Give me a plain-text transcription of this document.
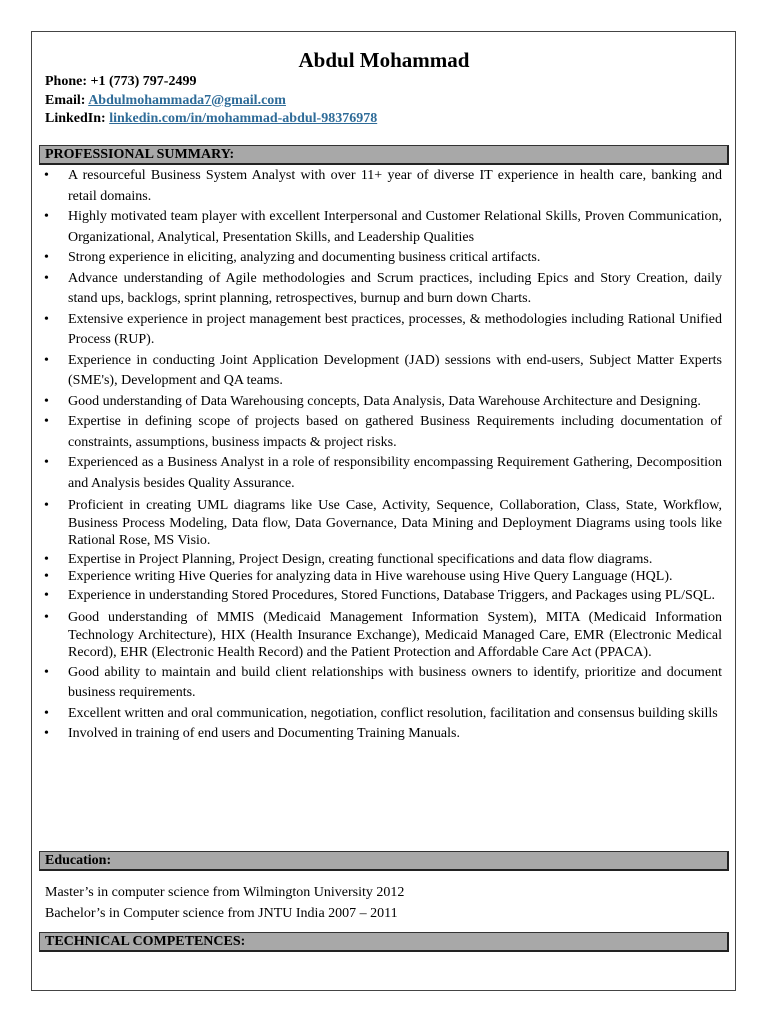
Abdul Mohammad
Phone: +1 (773) 797-2499
Email: Abdulmohammada7@gmail.com
LinkedIn: linkedin.com/in/mohammad-abdul-98376978
PROFESSIONAL SUMMARY:
• A resourceful Business System Analyst with over 11+ year of diverse IT experience in health care, banking and retail domains.
• Highly motivated team player with excellent Interpersonal and Customer Relational Skills, Proven Communication, Organizational, Analytical, Presentation Skills, and Leadership Qualities
• Strong experience in eliciting, analyzing and documenting business critical artifacts.
• Advance understanding of Agile methodologies and Scrum practices, including Epics and Story Creation, daily stand ups, backlogs, sprint planning, retrospectives, burnup and burn down Charts.
• Extensive experience in project management best practices, processes, & methodologies including Rational Unified Process (RUP).
• Experience in conducting Joint Application Development (JAD) sessions with end-users, Subject Matter Experts (SME's), Development and QA teams.
• Good understanding of Data Warehousing concepts, Data Analysis, Data Warehouse Architecture and Designing.
• Expertise in defining scope of projects based on gathered Business Requirements including documentation of constraints, assumptions, business impacts & project risks.
• Experienced as a Business Analyst in a role of responsibility encompassing Requirement Gathering, Decomposition and Analysis besides Quality Assurance.
• Proficient in creating UML diagrams like Use Case, Activity, Sequence, Collaboration, Class, State, Workflow, Business Process Modeling, Data flow, Data Governance, Data Mining and Deployment Diagrams using tools like Rational Rose, MS Visio.
• Expertise in Project Planning, Project Design, creating functional specifications and data flow diagrams.
• Experience writing Hive Queries for analyzing data in Hive warehouse using Hive Query Language (HQL).
• Experience in understanding Stored Procedures, Stored Functions, Database Triggers, and Packages using PL/SQL.
• Good understanding of MMIS (Medicaid Management Information System), MITA (Medicaid Information Technology Architecture), HIX (Health Insurance Exchange), Medicaid Managed Care, EMR (Electronic Medical Record), EHR (Electronic Health Record) and the Patient Protection and Affordable Care Act (PPACA).
• Good ability to maintain and build client relationships with business owners to identify, prioritize and document business requirements.
• Excellent written and oral communication, negotiation, conflict resolution, facilitation and consensus building skills
• Involved in training of end users and Documenting Training Manuals.
Education:
Master’s in computer science from Wilmington University 2012
Bachelor’s in Computer science from JNTU India 2007 – 2011
TECHNICAL COMPETENCES:
